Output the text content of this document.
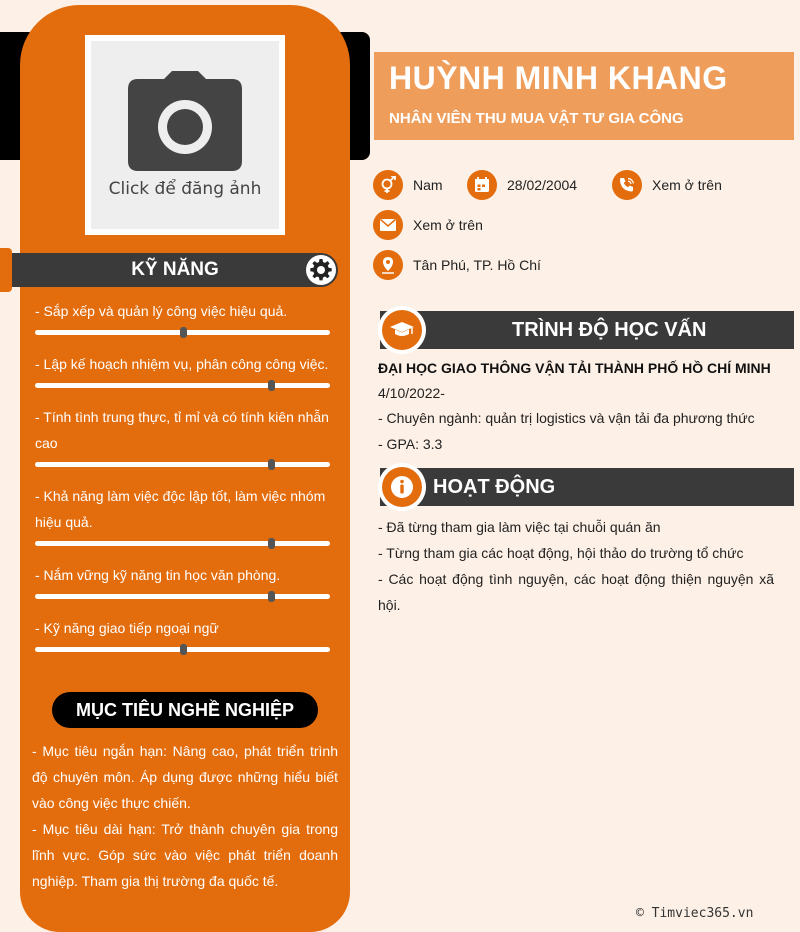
Click để đăng ảnh
- Sắp xếp và quản lý công việc hiệu quả.
- Lập kế hoạch nhiệm vụ, phân công công việc.
- Tính tình trung thực, tỉ mỉ và có tính kiên nhẫn cao
- Khả năng làm việc độc lập tốt, làm việc nhóm hiệu quả.
- Nắm vững kỹ năng tin học văn phòng.
- Kỹ năng giao tiếp ngoại ngữ
MỤC TIÊU NGHỀ NGHIỆP
- Mục tiêu ngắn hạn: Nâng cao, phát triển trình độ chuyên môn. Áp dụng được những hiểu biết vào công việc thực chiến.
- Mục tiêu dài hạn: Trở thành chuyên gia trong lĩnh vực. Góp sức vào việc phát triển doanh nghiệp. Tham gia thị trường đa quốc tế.
KỸ NĂNG
HUỲNH MINH KHANG
NHÂN VIÊN THU MUA VẬT TƯ GIA CÔNG
Nam	28/02/2004	Xem ở trên
Xem ở trên
Tân Phú, TP. Hồ Chí
TRÌNH ĐỘ HỌC VẤN
ĐẠI HỌC GIAO THÔNG VẬN TẢI THÀNH PHỐ HỒ CHÍ MINH
4/10/2022-
- Chuyên ngành: quản trị logistics và vận tải đa phương thức
- GPA: 3.3
HOẠT ĐỘNG
- Đã từng tham gia làm việc tại chuỗi quán ăn
- Từng tham gia các hoạt động, hội thảo do trường tổ chức
- Các hoạt động tình nguyện, các hoạt động thiện nguyện xã hội.
© Timviec365.vn
